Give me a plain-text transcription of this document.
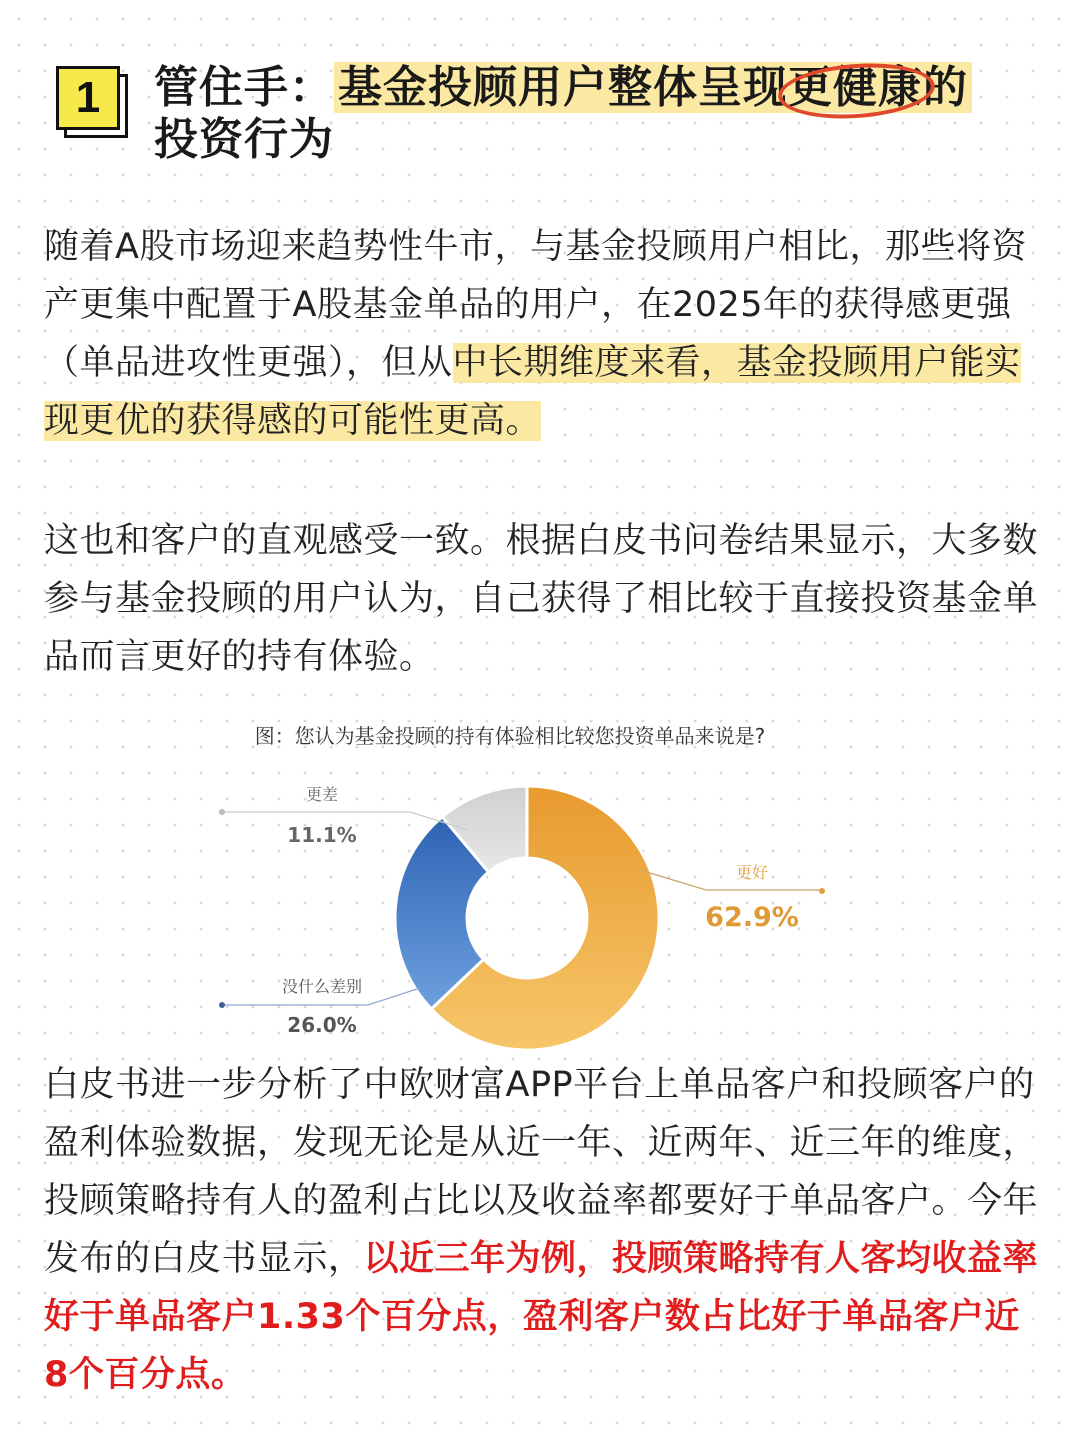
1	管住手：基金投顾用户整体呈现更健康的
投资行为
随着A股市场迎来趋势性牛市，与基金投顾用户相比，那些将资产更集中配置于A股基金单品的用户，在2025年的获得感更强（单品进攻性更强），但从中长期维度来看，基金投顾用户能实现更优的获得感的可能性更高。
这也和客户的直观感受一致。根据白皮书问卷结果显示，大多数参与基金投顾的用户认为，自己获得了相比较于直接投资基金单品而言更好的持有体验。
图：您认为基金投顾的持有体验相比较您投资单品来说是?
更好
62.9%
更差
11.1%
没什么差别
26.0%
白皮书进一步分析了中欧财富APP平台上单品客户和投顾客户的盈利体验数据，发现无论是从近一年、近两年、近三年的维度，投顾策略持有人的盈利占比以及收益率都要好于单品客户。今年发布的白皮书显示，以近三年为例，投顾策略持有人客均收益率好于单品客户1.33个百分点，盈利客户数占比好于单品客户近8个百分点。
